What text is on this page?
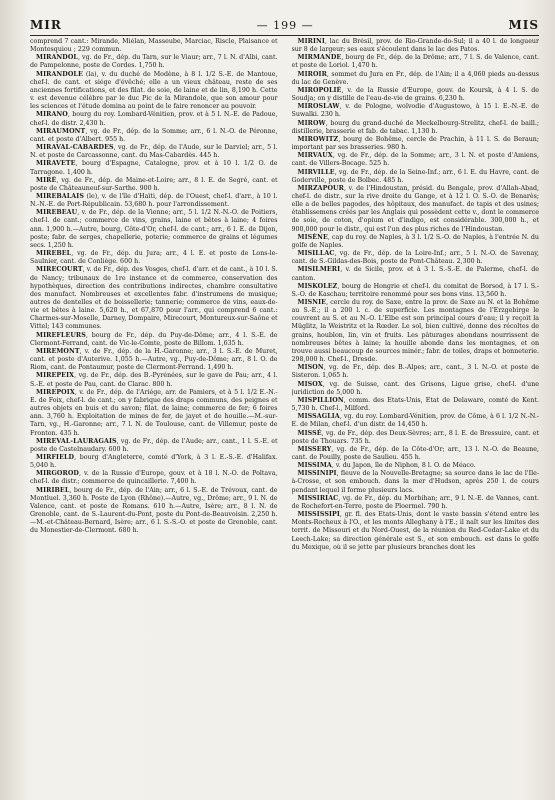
MIR	— 199 —	MIS

comprend 7 cant.: Mirande, Miélan, Masseube, Marciac, Riscle, Plaisance et Montesquiou ; 229 commun.

MIRANDOL, vg. de Fr., dép. du Tarn, sur le Viaur; arr., 7 l. N. d'Albi, cant. de Pampelonne, poste de Cordes. 1,750 h.

MIRANDOLE (la), v. du duché de Modène, à 8 l. 1/2 S.-E. de Mantoue, chef-l. de cant. et siége d'évêché; elle a un vieux château, reste de ses anciennes fortifications, et des filat. de soie, de laine et de lin, 8,190 h. Cette v. est devenue célèbre par le duc Pic de la Mirandole, que son amour pour les sciences et l'étude domina au point de le faire renoncer au pouvoir.

MIRANO, bourg du roy. Lombard-Vénitien, prov. et à 5 l. N.-E. de Padoue, chef-l. de distr. 2,430 h.

MIRAUMONT, vg. de Fr., dép. de la Somme; arr., 6 l. N.-O. de Péronne, cant. et poste d'Albert. 955 h.

MIRAVAL-CABARDES, vg. de Fr., dép. de l'Aude, sur le Darviel; arr., 5 l. N. et poste de Carcassonne, cant. du Mas-Cabardès. 445 h.

MIRAVETE, bourg d'Espagne, Catalogne, prov. et à 10 l. 1/2 O. de Tarragone. 1,400 h.

MIRÉ, vg. de Fr., dép. de Maine-et-Loire; arr., 8 l. E. de Segré, cant. et poste de Châteauneuf-sur-Sarthe. 900 h.

MIREBALAIS (le), v. de l'île d'Haïti, dép. de l'Ouest, chef-l. d'arr., à 10 l. N.-N.-E. de Port-Républicain. 53,680 h. pour l'arrondissement.

MIREBEAU, v. de Fr., dép. de la Vienne; arr., 5 l. 1/2 N.-N.-O. de Poitiers, chef-l. de cant.; commerce de vins, grains, laine et bêtes à laine; 4 foires ann. 1,900 h.—Autre, bourg, Côte-d'Or, chef-l. de cant.; arr., 6 l. E. de Dijon, poste; fabr. de serges, chapellerie, poterie; commerce de grains et légumes secs. 1,250 h.

MIREBEL, vg. de Fr., dép. du Jura; arr., 4 l. E. et poste de Lons-le-Saulnier, cant. de Conliège. 600 h.

MIRECOURT, v. de Fr., dép. des Vosges, chef-l. d'arr. et de cant., à 10 l. S. de Nancy; tribunaux de 1re instance et de commerce, conservation des hypothèques, direction des contributions indirectes, chambre consultative des manufact. Nombreuses et excellentes fabr. d'instrumens de musique; autres de dentelles et de boissellerie; tannerie; commerce de vins, eaux-de-vie et bêtes à laine. 5,620 h., et 67,870 pour l'arr., qui comprend 6 cant.: Charmes-sur-Moselle, Darney, Dompaire, Mirecourt, Montureux-sur-Saône et Vittel; 143 communes.

MIREFLEURS, bourg de Fr., dép. du Puy-de-Dôme; arr., 4 l. S.-E. de Clermont-Ferrand, cant. de Vic-le-Comte, poste de Billom. 1,635 h.

MIREMONT, v. de Fr., dép. de la H.-Garonne; arr., 3 l. S.-E. de Muret, cant. et poste d'Auterive. 1,055 h.—Autre, vg., Puy-de-Dôme; arr., 8 l. O. de Riom, cant. de Pontaumur, poste de Clermont-Ferrand. 1,490 h.

MIREPEIX, vg. de Fr., dép. des B.-Pyrénées, sur le gave de Pau; arr., 4 l. S.-E. et poste de Pau, cant. de Clarac. 800 h.

MIREPOIX, v. de Fr., dép. de l'Ariége, arr. de Pamiers, et à 5 l. 1/2 E.-N.-E. de Foix, chef-l. de cant.; on y fabrique des draps communs, des peignes et autres objets en buis et du savon; filat. de laine; commerce de fer; 6 foires ann. 3,760 h. Exploitation de mines de fer, de jayet et de houille.—M.-sur-Tarn, vg., H.-Garonne; arr., 7 l. N. de Toulouse, cant. de Villemur, poste de Fronton. 435 h.

MIREVAL-LAURAGAIS, vg. de Fr., dép. de l'Aude; arr., cant., 1 l. S.-E. et poste de Castelnaudary. 600 h.

MIRFIELD, bourg d'Angleterre, comté d'York, à 3 l. E.-S.-E. d'Halifax. 5,040 h.

MIRGOROD, v. de la Russie d'Europe, gouv. et à 18 l. N.-O. de Poltava, chef-l. de distr.; commerce de quincaillerie. 7,400 h.

MIRIBEL, bourg de Fr., dép. de l'Ain; arr., 6 l. S.-E. de Trévoux, cant. de Montluel. 3,360 h. Poste de Lyon (Rhône).—Autre, vg., Drôme; arr., 9 l. N. de Valence, cant. et poste de Romans. 610 h.—Autre, Isère; arr., 8 l. N. de Grenoble, cant. de S.-Laurent-du-Pont, poste du Pont-de-Beauvoisin. 2,250 h.—M.-et-Château-Bernard, Isère; arr., 6 l. S.-S.-O. et poste de Grenoble, cant. du Monestier-de-Clermont. 680 h.

MIRINI, lac du Brésil, prov. de Rio-Grande-do-Sul; il a 40 l. de longueur sur 8 de largeur; ses eaux s'écoulent dans le lac des Patos.

MIRMANDE, bourg de Fr., dép. de la Drôme; arr., 7 l. S. de Valence, cant. et poste de Loriol. 1,470 h.

MIROIR, sommet du Jura en Fr., dép. de l'Ain; il a 4,060 pieds au-dessus du lac de Genève.

MIROPOLIÉ, v. de la Russie d'Europe, gouv. de Koursk, à 4 l. S. de Soudja; on y distille de l'eau-de-vie de grains. 6,230 h.

MIROSLAW, v. de Pologne, woïvodie d'Augustowo, à 15 l. E.-N.-E. de Suwalki. 230 h.

MIROW, bourg du grand-duché de Meckelbourg-Strelitz, chef-l. de baill.; distillerie, brasserie et fab. de tabac. 1,130 h.

MIROWITZ, bourg de Bohême, cercle de Prachin, à 11 l. S. de Beraun; important par ses brasseries. 980 h.

MIRVAUX, vg. de Fr., dép. de la Somme; arr., 3 l. N. et poste d'Amiens, cant. de Villers-Bocage. 525 h.

MIRVILLE, vg. de Fr., dép. de la Seine-Inf.; arr., 6 l. E. du Havre, cant. de Goderville, poste de Bolbec. 485 h.

MIRZAPOUR, v. de l'Hindoustan, présid. du Bengale, prov. d'Allah-Abad, chef-l. de distr., sur la rive droite du Gange, et à 12 l. O. S.-O. de Benarès; elle a de belles pagodes, des hôpitaux, des manufact. de tapis et des usines; établissemens créés par les Anglais qui possèdent cette v., dont le commerce de soie, de coton, d'opium et d'indigo, est considérable. 300,000 h., et 900,000 pour le distr., qui est l'un des plus riches de l'Hindoustan.

MISÈNE, cap du roy. de Naples, à 3 l. 1/2 S.-O. de Naples, à l'entrée N. du golfe de Naples.

MISILLAC, vg. de Fr., dép. de la Loire-Inf.; arr., 5 l. N.-O. de Savenay, cant. de S.-Gildas-des-Bois, poste de Pont-Château. 2,300 h.

MISILMERI, v. de Sicile, prov. et à 3 l. S.-S.-E. de Palerme, chef-l. de canton.

MISKOLEZ, bourg de Hongrie et chef-l. du comitat de Borsod, à 17 l. S.-S.-O. de Kaschau; territoire renommé pour ses bons vins. 13,560 h.

MISNIE, cercle du roy. de Saxe, entre la prov. de Saxe au N. et la Bohême au S.-E.; il a 200 l. c. de superficie. Les montagnes de l'Erzgebirge le couvrent au S. et au N.-O. L'Elbe est son principal cours d'eau; il y reçoit la Müglitz, la Weistritz et la Rœder. Le sol, bien cultivé, donne des récoltes de grains, houblon, lin, vin et fruits. Les pâturages abondans nourrissent de nombreuses bêtes à laine; la houille abonde dans les montagnes, et on trouve aussi beaucoup de sources minér.; fabr. de toiles, draps et bonneterie. 298,000 h. Chef-l., Dresde.

MISON, vg. de Fr., dép. des B.-Alpes; arr., cant., 3 l. N.-O. et poste de Sisteron. 1,065 h.

MISOX, vg. de Suisse, cant. des Grisons, Ligue grise, chef-l. d'une juridiction de 5,000 h.

MISPILLION, comm. des Etats-Unis, Etat de Delaware, comté de Kent. 5,730 h. Chef-l., Milford.

MISSAGLIA, vg. du roy. Lombard-Vénitien, prov. de Côme, à 6 l. 1/2 N.-N.-E. de Milan, chef-l. d'un distr. de 14,450 h.

MISSÉ, vg. de Fr., dép. des Deux-Sèvres; arr., 8 l. E. de Bressuire, cant. et poste de Thouars. 735 h.

MISSERY, vg. de Fr., dép. de la Côte-d'Or; arr., 13 l. N.-O. de Beaune, cant. de Pouilly, poste de Saulieu. 455 h.

MISSIMA, v. du Japon, île de Niphon, 8 l. O. de Méaco.

MISSINIPI, fleuve de la Nouvelle-Bretagne; sa source dans le lac de l'Ile-à-Crosse, et son embouch. dans la mer d'Hudson, après 250 l. de cours pendant lequel il forme plusieurs lacs.

MISSIRIAC, vg. de Fr., dép. du Morbihan; arr., 9 l. N.-E. de Vannes, cant. de Rochefort-en-Terre, poste de Ploermel. 790 h.

MISSISSIPI, gr. fl. des Etats-Unis, dont le vaste bassin s'étend entre les Monts-Rocheux à l'O., et les monts Alleghany à l'E.; il naît sur les limites des territ. de Missouri et du Nord-Ouest, de la réunion du Red-Cedar-Lake et du Leech-Lake; sa direction générale est S., et son embouch. est dans le golfe du Mexique, où il se jette par plusieurs branches dont les
